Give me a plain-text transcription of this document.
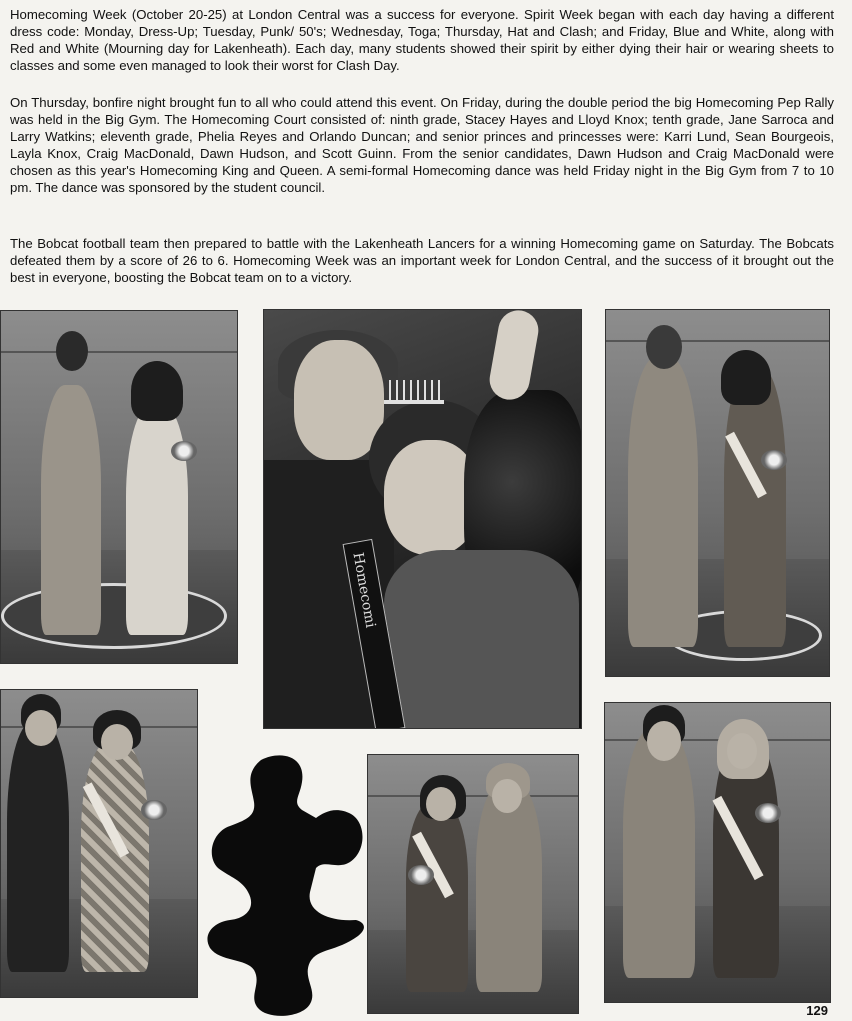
Homecoming Week (October 20-25) at London Central was a success for everyone. Spirit Week began with each day having a different dress code: Monday, Dress-Up; Tuesday, Punk/ 50's; Wednesday, Toga; Thursday, Hat and Clash; and Friday, Blue and White, along with Red and White (Mourning day for Lakenheath). Each day, many students showed their spirit by either dying their hair or wearing sheets to classes and some even managed to look their worst for Clash Day.

On Thursday, bonfire night brought fun to all who could attend this event. On Friday, during the double period the big Homecoming Pep Rally was held in the Big Gym. The Homecoming Court consisted of: ninth grade, Stacey Hayes and Lloyd Knox; tenth grade, Jane Sarroca and Larry Watkins; eleventh grade, Phelia Reyes and Orlando Duncan; and senior princes and princesses were: Karri Lund, Sean Bourgeois, Layla Knox, Craig MacDonald, Dawn Hudson, and Scott Guinn. From the senior candidates, Dawn Hudson and Craig MacDonald were chosen as this year's Homecoming King and Queen. A semi-formal Homecoming dance was held Friday night in the Big Gym from 7 to 10 pm. The dance was sponsored by the student council.

The Bobcat football team then prepared to battle with the Lakenheath Lancers for a winning Homecoming game on Saturday. The Bobcats defeated them by a score of 26 to 6. Homecoming Week was an important week for London Central, and the success of it brought out the best in everyone, boosting the Bobcat team on to a victory.

Homecomi
129
